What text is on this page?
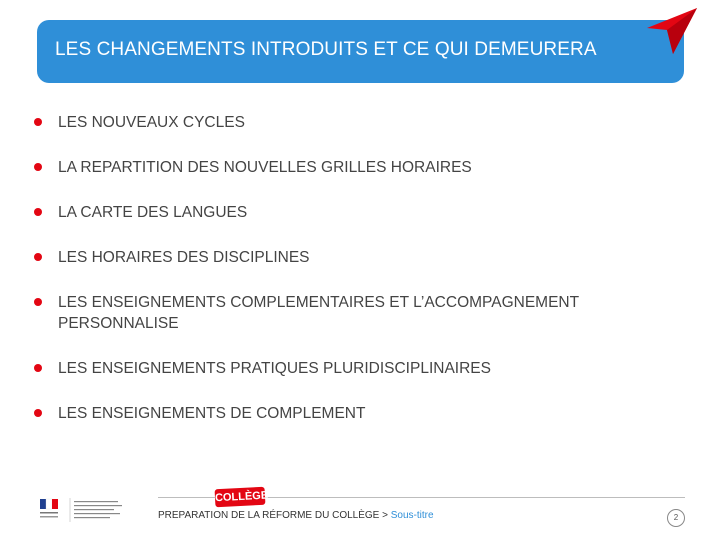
LES CHANGEMENTS INTRODUITS ET CE QUI DEMEURERA
LES NOUVEAUX CYCLES
LA REPARTITION DES NOUVELLES GRILLES HORAIRES
LA CARTE DES LANGUES
LES HORAIRES DES DISCIPLINES
LES ENSEIGNEMENTS COMPLEMENTAIRES ET L’ACCOMPAGNEMENT PERSONNALISE
LES ENSEIGNEMENTS PRATIQUES PLURIDISCIPLINAIRES
LES ENSEIGNEMENTS DE COMPLEMENT
COLLÈGE
PREPARATION DE LA RÉFORME DU COLLÈGE > Sous-titre	2
